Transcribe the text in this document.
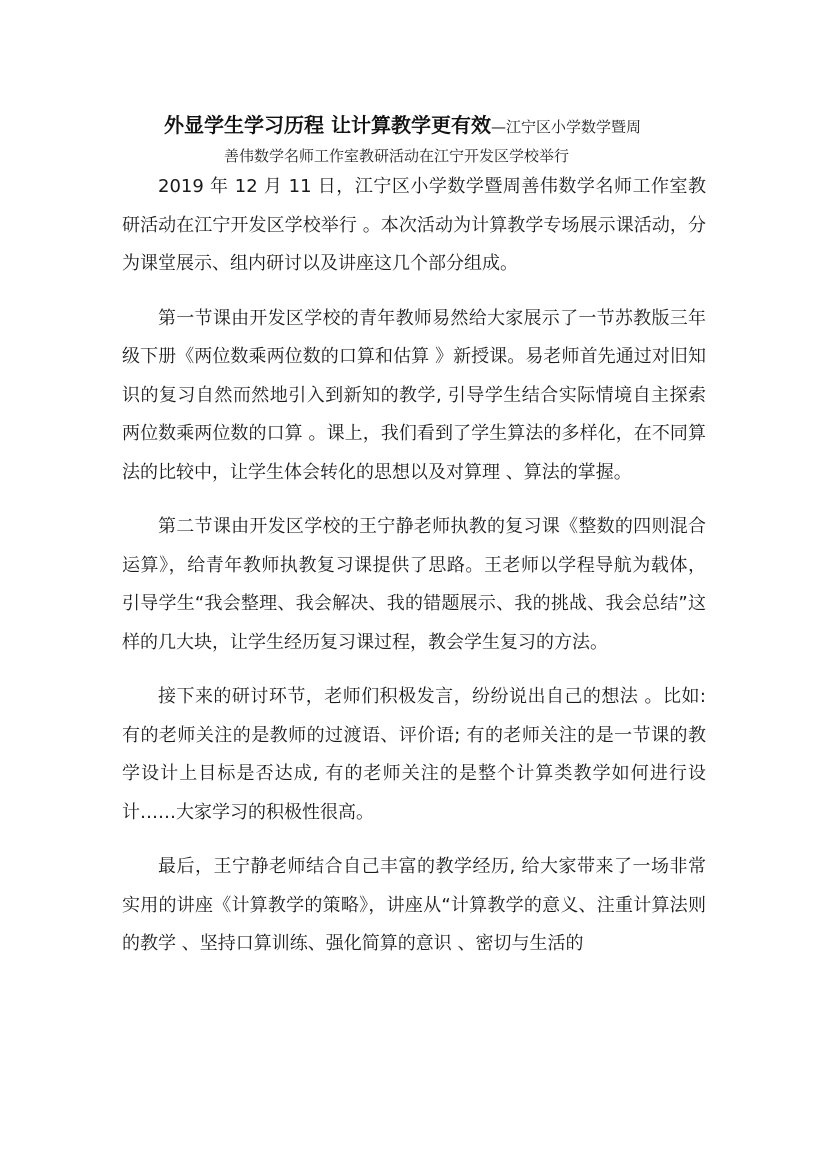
外显学生学习历程 让计算教学更有效—江宁区小学数学暨周
善伟数学名师工作室教研活动在江宁开发区学校举行

2019 年 12 月 11 日，江宁区小学数学暨周善伟数学名师工作室教研活动在江宁开发区学校举行 。本次活动为计算教学专场展示课活动，分为课堂展示、组内研讨以及讲座这几个部分组成。

第一节课由开发区学校的青年教师易然给大家展示了一节苏教版三年级下册《两位数乘两位数的口算和估算 》新授课。易老师首先通过对旧知识的复习自然而然地引入到新知的教学, 引导学生结合实际情境自主探索两位数乘两位数的口算 。课上，我们看到了学生算法的多样化，在不同算法的比较中，让学生体会转化的思想以及对算理 、算法的掌握。

第二节课由开发区学校的王宁静老师执教的复习课《整数的四则混合运算》，给青年教师执教复习课提供了思路。王老师以学程导航为载体，引导学生“我会整理、我会解决、我的错题展示、我的挑战、我会总结”这样的几大块，让学生经历复习课过程，教会学生复习的方法。

接下来的研讨环节，老师们积极发言，纷纷说出自己的想法 。比如:有的老师关注的是教师的过渡语、评价语; 有的老师关注的是一节课的教学设计上目标是否达成, 有的老师关注的是整个计算类教学如何进行设计……大家学习的积极性很高。

最后，王宁静老师结合自己丰富的教学经历, 给大家带来了一场非常实用的讲座《计算教学的策略》，讲座从“计算教学的意义、注重计算法则的教学 、坚持口算训练、强化简算的意识 、密切与生活的
